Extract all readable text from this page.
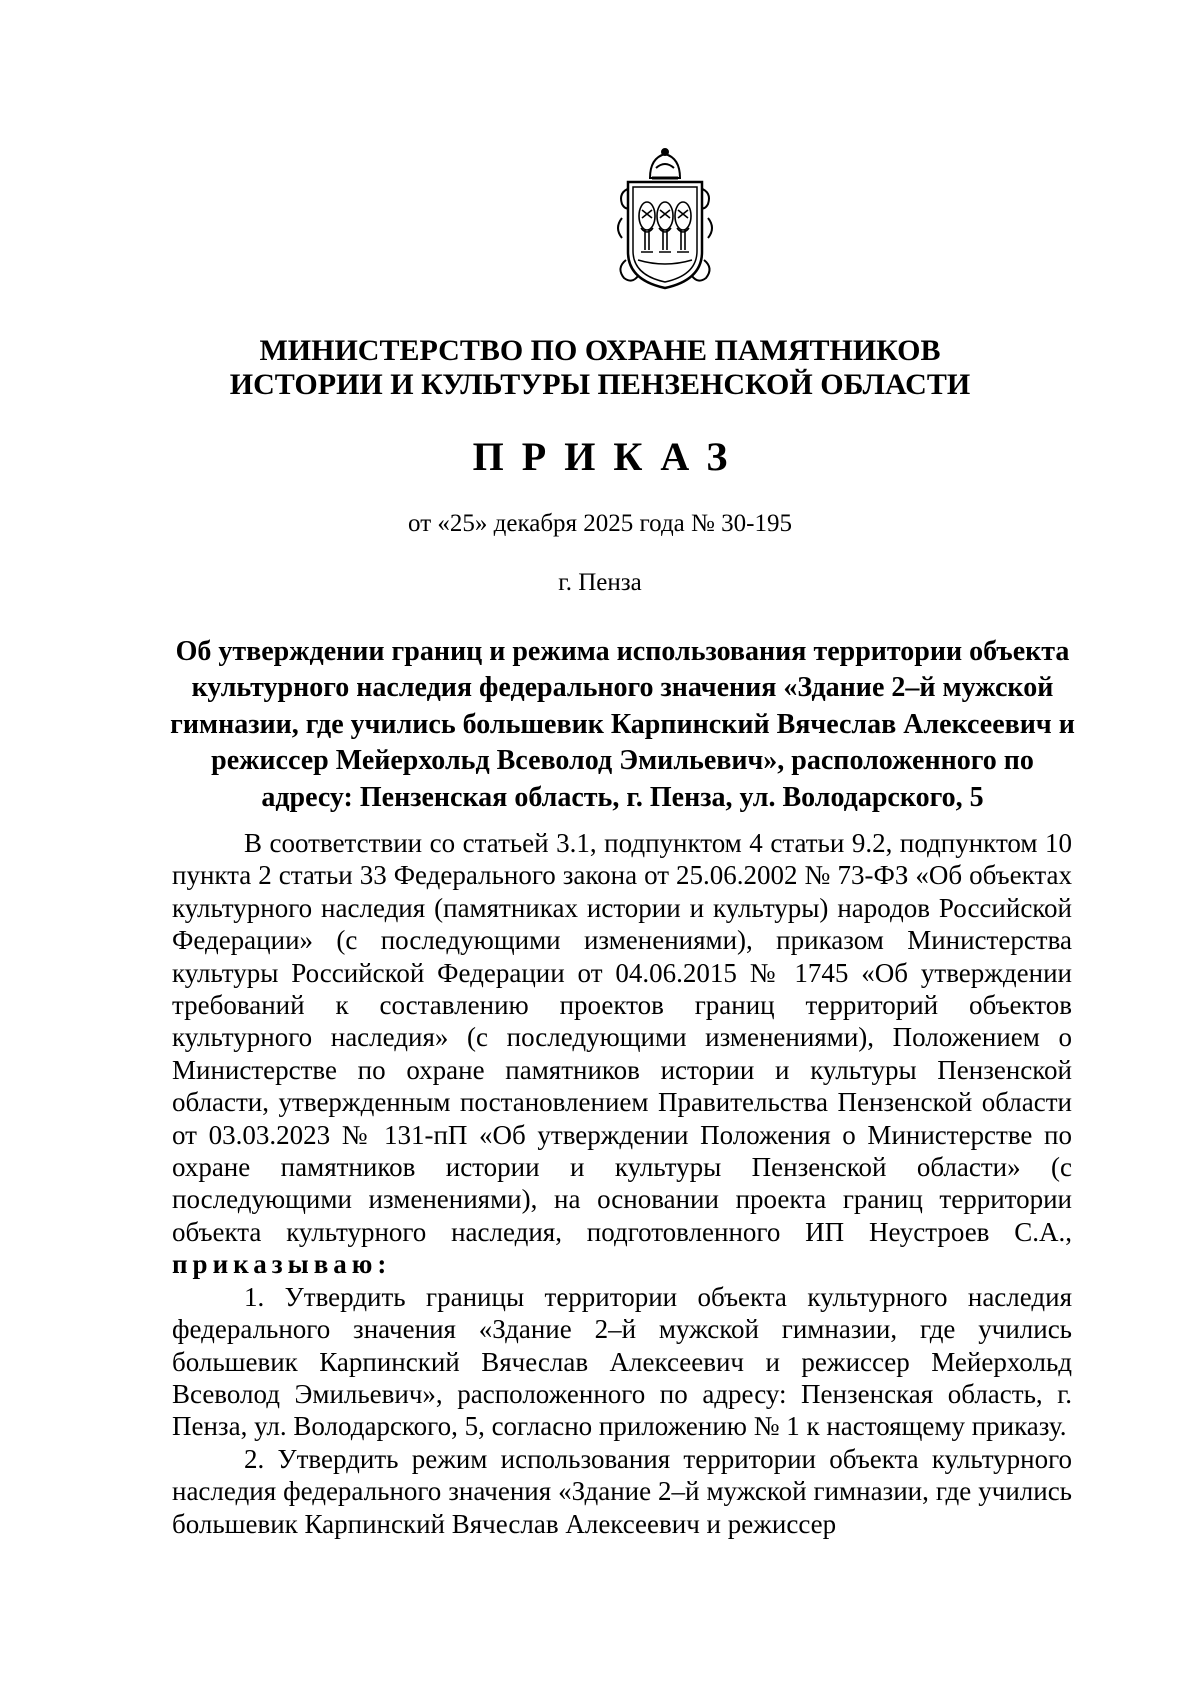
МИНИСТЕРСТВО ПО ОХРАНЕ ПАМЯТНИКОВ
ИСТОРИИ И КУЛЬТУРЫ ПЕНЗЕНСКОЙ ОБЛАСТИ
ПРИКАЗ
от «25» декабря 2025 года № 30-195
г. Пенза
Об утверждении границ и режима использования территории объекта культурного наследия федерального значения «Здание 2–й мужской гимназии, где учились большевик Карпинский Вячеслав Алексеевич и режиссер Мейерхольд Всеволод Эмильевич», расположенного по адресу: Пензенская область, г. Пенза, ул. Володарского, 5

В соответствии со статьей 3.1, подпунктом 4 статьи 9.2, подпунктом 10 пункта 2 статьи 33 Федерального закона от 25.06.2002 № 73-ФЗ «Об объектах культурного наследия (памятниках истории и культуры) народов Российской Федерации» (с последующими изменениями), приказом Министерства культуры Российской Федерации от 04.06.2015 № 1745 «Об утверждении требований к составлению проектов границ территорий объектов культурного наследия» (с последующими изменениями), Положением о Министерстве по охране памятников истории и культуры Пензенской области, утвержденным постановлением Правительства Пензенской области от 03.03.2023 № 131-пП «Об утверждении Положения о Министерстве по охране памятников истории и культуры Пензенской области» (с последующими изменениями), на основании проекта границ территории объекта культурного наследия, подготовленного ИП Неустроев С.А., приказываю:

1. Утвердить границы территории объекта культурного наследия федерального значения «Здание 2–й мужской гимназии, где учились большевик Карпинский Вячеслав Алексеевич и режиссер Мейерхольд Всеволод Эмильевич», расположенного по адресу: Пензенская область, г. Пенза, ул. Володарского, 5, согласно приложению № 1 к настоящему приказу.

2. Утвердить режим использования территории объекта культурного наследия федерального значения «Здание 2–й мужской гимназии, где учились большевик Карпинский Вячеслав Алексеевич и режиссер
